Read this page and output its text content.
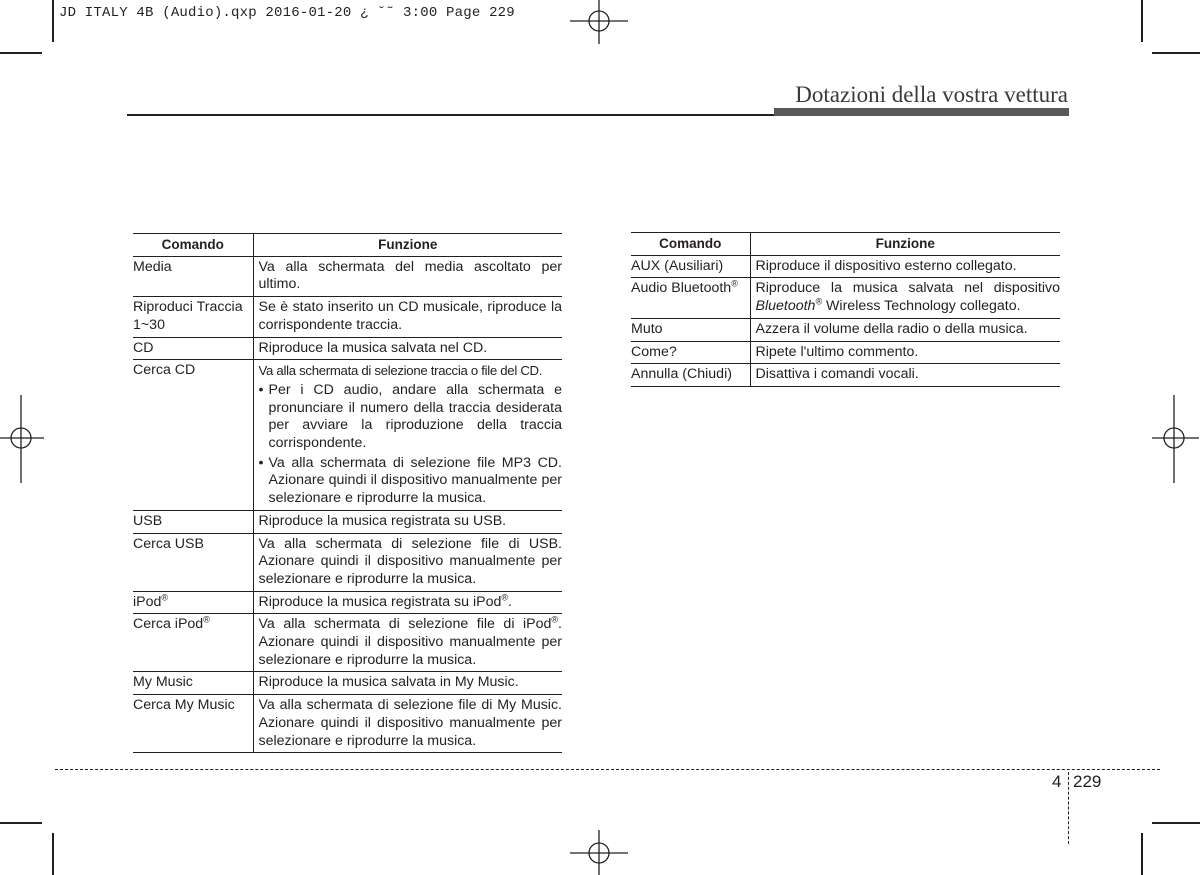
JD ITALY 4B (Audio).qxp 2016-01-20 ¿ ˘˜ 3:00 Page 229
Dotazioni della vostra vettura
Comando	Funzione
Media	Va alla schermata del media ascoltato per ultimo.
Riproduci Traccia 1~30	Se è stato inserito un CD musicale, riproduce la corrispondente traccia.
CD	Riproduce la musica salvata nel CD.
Cerca CD	Va alla schermata di selezione traccia o file del CD.
• Per i CD audio, andare alla schermata e pronunciare il numero della traccia desiderata per avviare la riproduzione della traccia corrispondente.
• Va alla schermata di selezione file MP3 CD. Azionare quindi il dispositivo manualmente per selezionare e riprodurre la musica.

USB	Riproduce la musica registrata su USB.
Cerca USB	Va alla schermata di selezione file di USB. Azionare quindi il dispositivo manualmente per selezionare e riprodurre la musica.
iPod®	Riproduce la musica registrata su iPod®.
Cerca iPod®	Va alla schermata di selezione file di iPod®. Azionare quindi il dispositivo manualmente per selezionare e riprodurre la musica.
My Music	Riproduce la musica salvata in My Music.
Cerca My Music	Va alla schermata di selezione file di My Music. Azionare quindi il dispositivo manualmente per selezionare e riprodurre la musica.
Comando	Funzione
AUX (Ausiliari)	Riproduce il dispositivo esterno collegato.
Audio Bluetooth®	Riproduce la musica salvata nel dispositivo Bluetooth® Wireless Technology collegato.
Muto	Azzera il volume della radio o della musica.
Come?	Ripete l'ultimo commento.
Annulla (Chiudi)	Disattiva i comandi vocali.
4 229
